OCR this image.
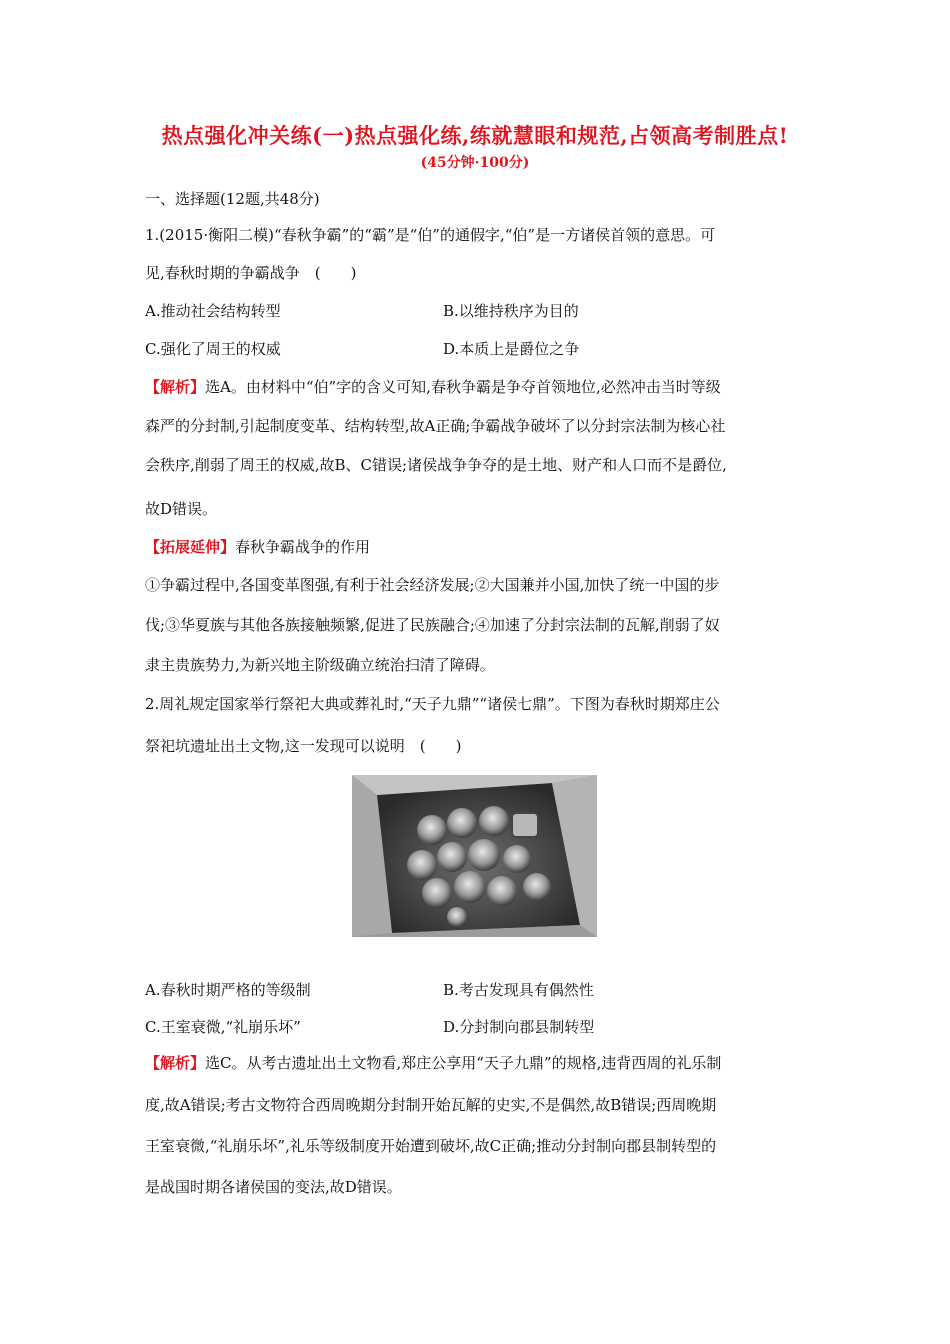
热点强化冲关练(一)热点强化练,练就慧眼和规范,占领高考制胜点!
(45分钟·100分)
一、选择题(12题,共48分)
1.(2015·衡阳二模)“春秋争霸”的“霸”是“伯”的通假字,“伯”是一方诸侯首领的意思。可
见,春秋时期的争霸战争　(　　)
A.推动社会结构转型	B.以维持秩序为目的
C.强化了周王的权威	D.本质上是爵位之争
【解析】选A。由材料中“伯”字的含义可知,春秋争霸是争夺首领地位,必然冲击当时等级
森严的分封制,引起制度变革、结构转型,故A正确;争霸战争破坏了以分封宗法制为核心社
会秩序,削弱了周王的权威,故B、C错误;诸侯战争争夺的是土地、财产和人口而不是爵位,
故D错误。
【拓展延伸】春秋争霸战争的作用
①争霸过程中,各国变革图强,有利于社会经济发展;②大国兼并小国,加快了统一中国的步
伐;③华夏族与其他各族接触频繁,促进了民族融合;④加速了分封宗法制的瓦解,削弱了奴
隶主贵族势力,为新兴地主阶级确立统治扫清了障碍。
2.周礼规定国家举行祭祀大典或葬礼时,“天子九鼎”“诸侯七鼎”。下图为春秋时期郑庄公
祭祀坑遗址出土文物,这一发现可以说明　(　　)
A.春秋时期严格的等级制	B.考古发现具有偶然性
C.王室衰微,“礼崩乐坏”	D.分封制向郡县制转型
【解析】选C。从考古遗址出土文物看,郑庄公享用“天子九鼎”的规格,违背西周的礼乐制
度,故A错误;考古文物符合西周晚期分封制开始瓦解的史实,不是偶然,故B错误;西周晚期
王室衰微,“礼崩乐坏”,礼乐等级制度开始遭到破坏,故C正确;推动分封制向郡县制转型的
是战国时期各诸侯国的变法,故D错误。
